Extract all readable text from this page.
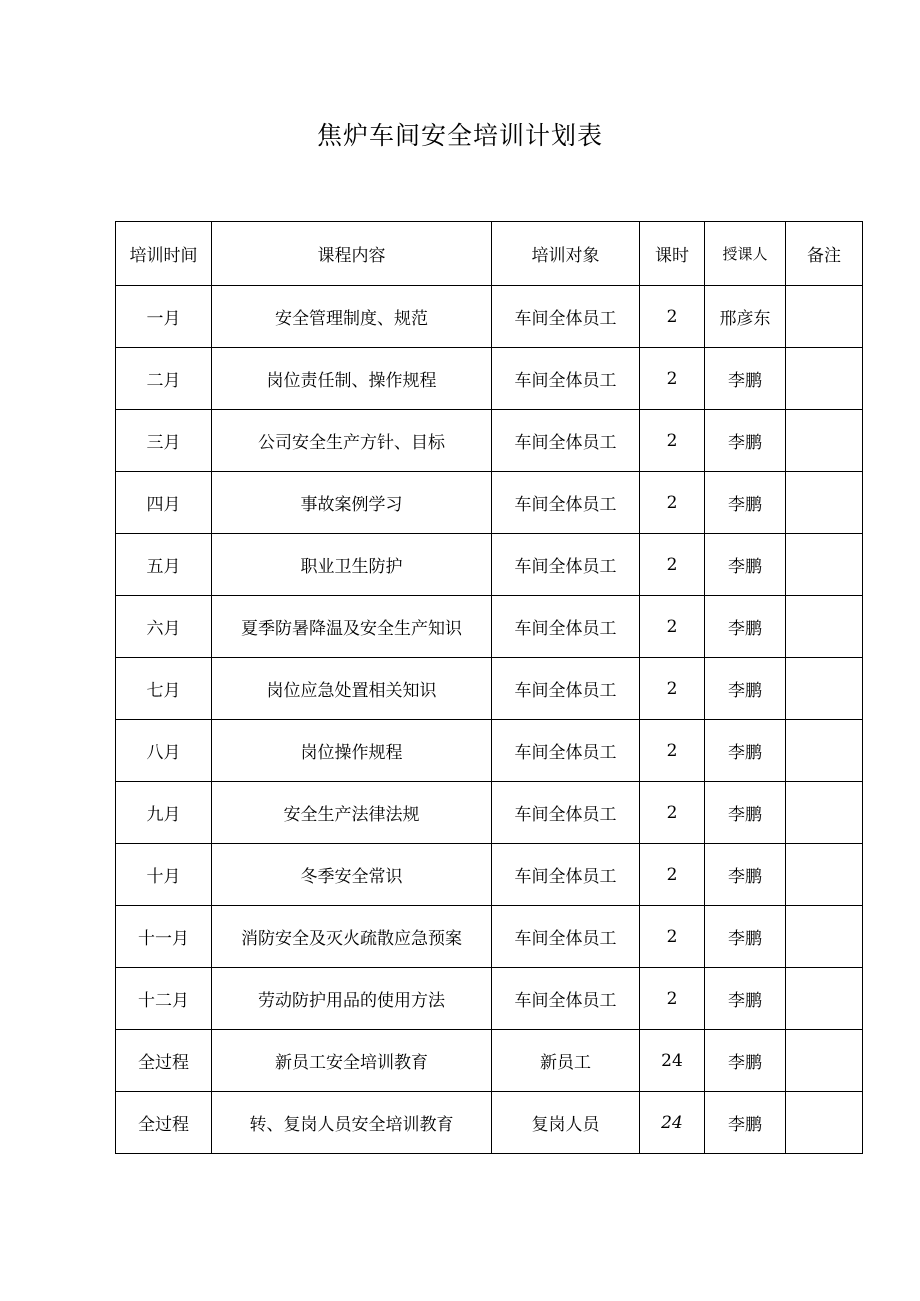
焦炉车间安全培训计划表
培训时间	课程内容	培训对象	课时	授课人	备注
一月	安全管理制度、规范	车间全体员工	2	邢彦东	
二月	岗位责任制、操作规程	车间全体员工	2	李鹏	
三月	公司安全生产方针、目标	车间全体员工	2	李鹏	
四月	事故案例学习	车间全体员工	2	李鹏	
五月	职业卫生防护	车间全体员工	2	李鹏	
六月	夏季防暑降温及安全生产知识	车间全体员工	2	李鹏	
七月	岗位应急处置相关知识	车间全体员工	2	李鹏	
八月	岗位操作规程	车间全体员工	2	李鹏	
九月	安全生产法律法规	车间全体员工	2	李鹏	
十月	冬季安全常识	车间全体员工	2	李鹏	
十一月	消防安全及灭火疏散应急预案	车间全体员工	2	李鹏	
十二月	劳动防护用品的使用方法	车间全体员工	2	李鹏	
全过程	新员工安全培训教育	新员工	24	李鹏	
全过程	转、复岗人员安全培训教育	复岗人员	24	李鹏	
